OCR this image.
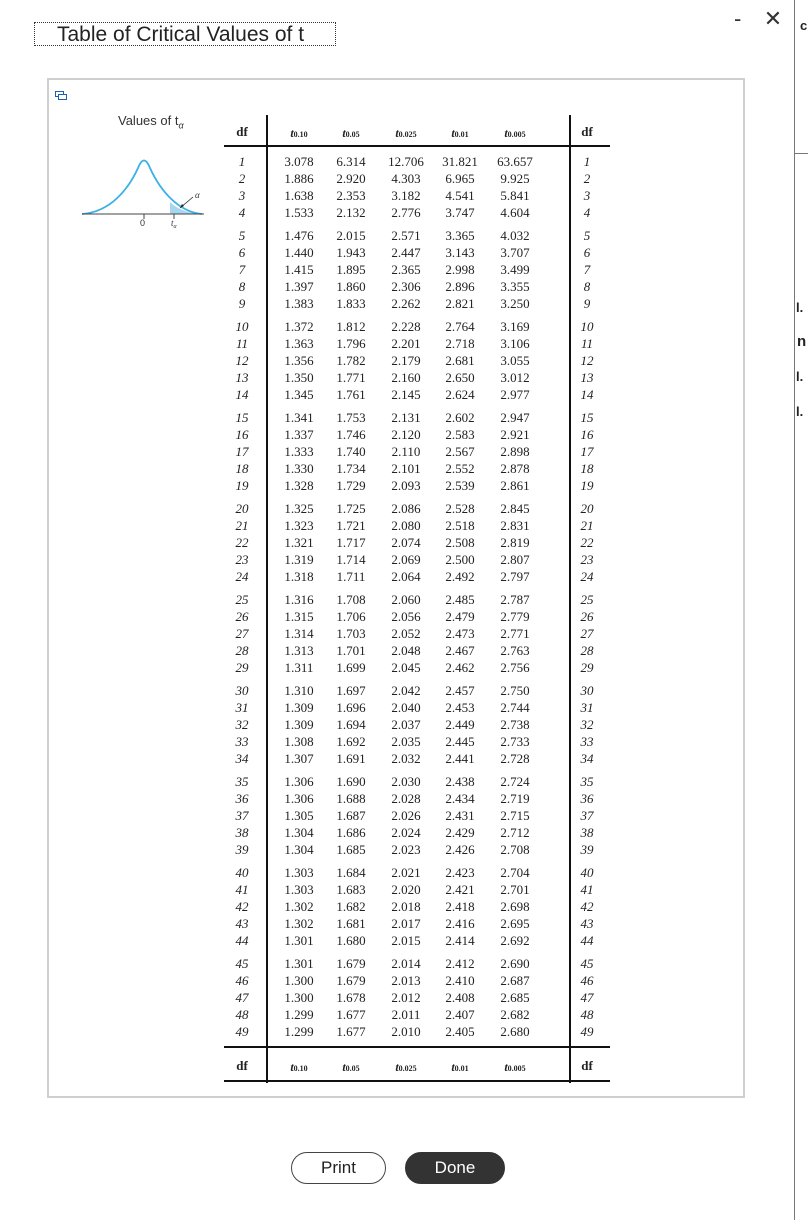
Table of Critical Values of t
-	✕ c
l.
n
l.
l.
Values of $t_\alpha$
α
0	$t_\alpha$
df	t0.10	t0.05	t0.025	t0.01	t0.005	df
df	t0.10	t0.05	t0.025	t0.01	t0.005	df
1	3.078	6.314	12.706	31.821	63.657	1
2	1.886	2.920	4.303	6.965	9.925	2
3	1.638	2.353	3.182	4.541	5.841	3
4	1.533	2.132	2.776	3.747	4.604	4
5	1.476	2.015	2.571	3.365	4.032	5
6	1.440	1.943	2.447	3.143	3.707	6
7	1.415	1.895	2.365	2.998	3.499	7
8	1.397	1.860	2.306	2.896	3.355	8
9	1.383	1.833	2.262	2.821	3.250	9
10	1.372	1.812	2.228	2.764	3.169	10
11	1.363	1.796	2.201	2.718	3.106	11
12	1.356	1.782	2.179	2.681	3.055	12
13	1.350	1.771	2.160	2.650	3.012	13
14	1.345	1.761	2.145	2.624	2.977	14
15	1.341	1.753	2.131	2.602	2.947	15
16	1.337	1.746	2.120	2.583	2.921	16
17	1.333	1.740	2.110	2.567	2.898	17
18	1.330	1.734	2.101	2.552	2.878	18
19	1.328	1.729	2.093	2.539	2.861	19
20	1.325	1.725	2.086	2.528	2.845	20
21	1.323	1.721	2.080	2.518	2.831	21
22	1.321	1.717	2.074	2.508	2.819	22
23	1.319	1.714	2.069	2.500	2.807	23
24	1.318	1.711	2.064	2.492	2.797	24
25	1.316	1.708	2.060	2.485	2.787	25
26	1.315	1.706	2.056	2.479	2.779	26
27	1.314	1.703	2.052	2.473	2.771	27
28	1.313	1.701	2.048	2.467	2.763	28
29	1.311	1.699	2.045	2.462	2.756	29
30	1.310	1.697	2.042	2.457	2.750	30
31	1.309	1.696	2.040	2.453	2.744	31
32	1.309	1.694	2.037	2.449	2.738	32
33	1.308	1.692	2.035	2.445	2.733	33
34	1.307	1.691	2.032	2.441	2.728	34
35	1.306	1.690	2.030	2.438	2.724	35
36	1.306	1.688	2.028	2.434	2.719	36
37	1.305	1.687	2.026	2.431	2.715	37
38	1.304	1.686	2.024	2.429	2.712	38
39	1.304	1.685	2.023	2.426	2.708	39
40	1.303	1.684	2.021	2.423	2.704	40
41	1.303	1.683	2.020	2.421	2.701	41
42	1.302	1.682	2.018	2.418	2.698	42
43	1.302	1.681	2.017	2.416	2.695	43
44	1.301	1.680	2.015	2.414	2.692	44
45	1.301	1.679	2.014	2.412	2.690	45
46	1.300	1.679	2.013	2.410	2.687	46
47	1.300	1.678	2.012	2.408	2.685	47
48	1.299	1.677	2.011	2.407	2.682	48
49	1.299	1.677	2.010	2.405	2.680	49
Print	Done
